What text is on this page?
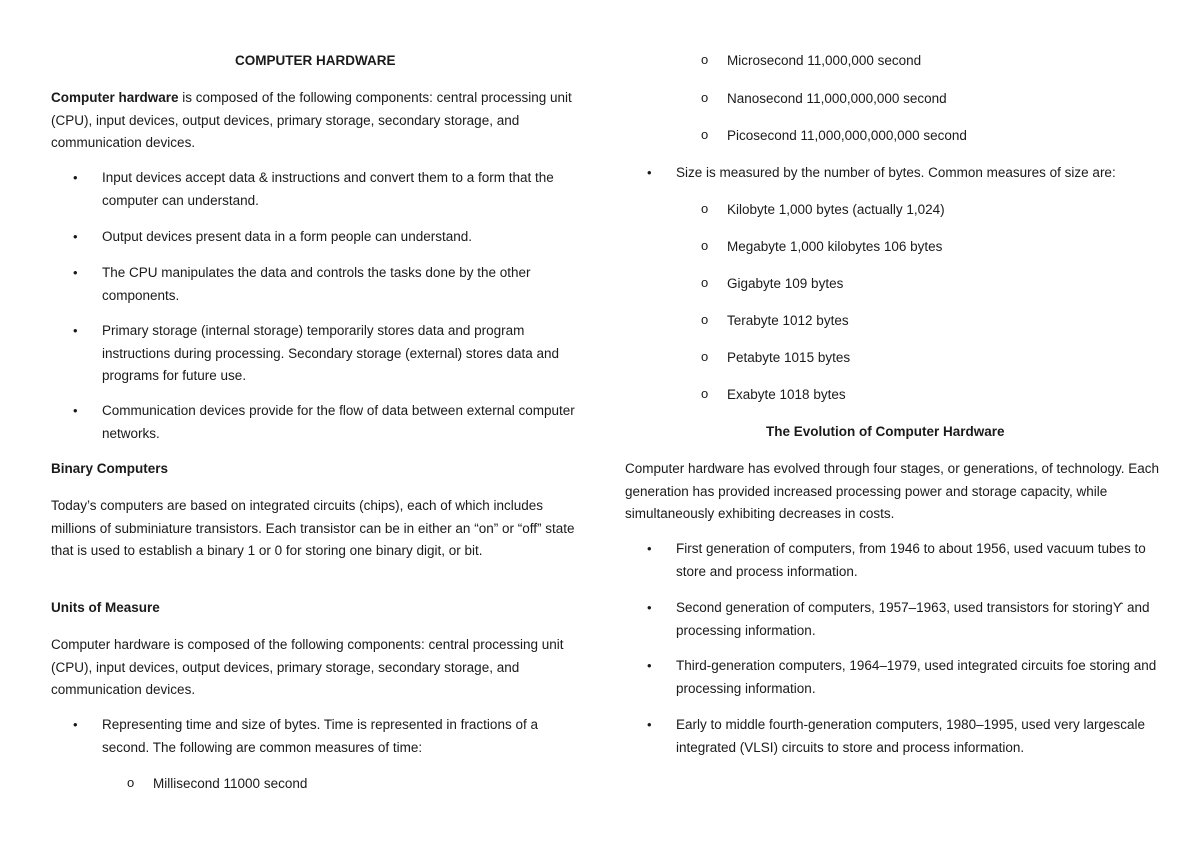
COMPUTER HARDWARE
Computer hardware is composed of the following components: central processing unit (CPU), input devices, output devices, primary storage, secondary storage, and communication devices.
• Input devices accept data & instructions and convert them to a form that the computer can understand.
• Output devices present data in a form people can understand.
• The CPU manipulates the data and controls the tasks done by the other components.
• Primary storage (internal storage) temporarily stores data and program instructions during processing. Secondary storage (external) stores data and programs for future use.
• Communication devices provide for the flow of data between external computer networks.
Binary Computers
Today’s computers are based on integrated circuits (chips), each of which includes millions of subminiature transistors. Each transistor can be in either an “on” or “off” state that is used to establish a binary 1 or 0 for storing one binary digit, or bit.
Units of Measure
Computer hardware is composed of the following components: central processing unit (CPU), input devices, output devices, primary storage, secondary storage, and communication devices.
• Representing time and size of bytes. Time is represented in fractions of a second. The following are common measures of time:
o Millisecond 11000 second
o Microsecond 11,000,000 second
o Nanosecond 11,000,000,000 second
o Picosecond 11,000,000,000,000 second
• Size is measured by the number of bytes. Common measures of size are:
o Kilobyte 1,000 bytes (actually 1,024)
o Megabyte 1,000 kilobytes 106 bytes
o Gigabyte 109 bytes
o Terabyte 1012 bytes
o Petabyte 1015 bytes
o Exabyte 1018 bytes
The Evolution of Computer Hardware
Computer hardware has evolved through four stages, or generations, of technology. Each generation has provided increased processing power and storage capacity, while simultaneously exhibiting decreases in costs.
• First generation of computers, from 1946 to about 1956, used vacuum tubes to store and process information.
• Second generation of computers, 1957–1963, used transistors for storingϒ and processing information.
• Third-generation computers, 1964–1979, used integrated circuits foe storing and processing information.
• Early to middle fourth-generation computers, 1980–1995, used very largescale integrated (VLSI) circuits to store and process information.
